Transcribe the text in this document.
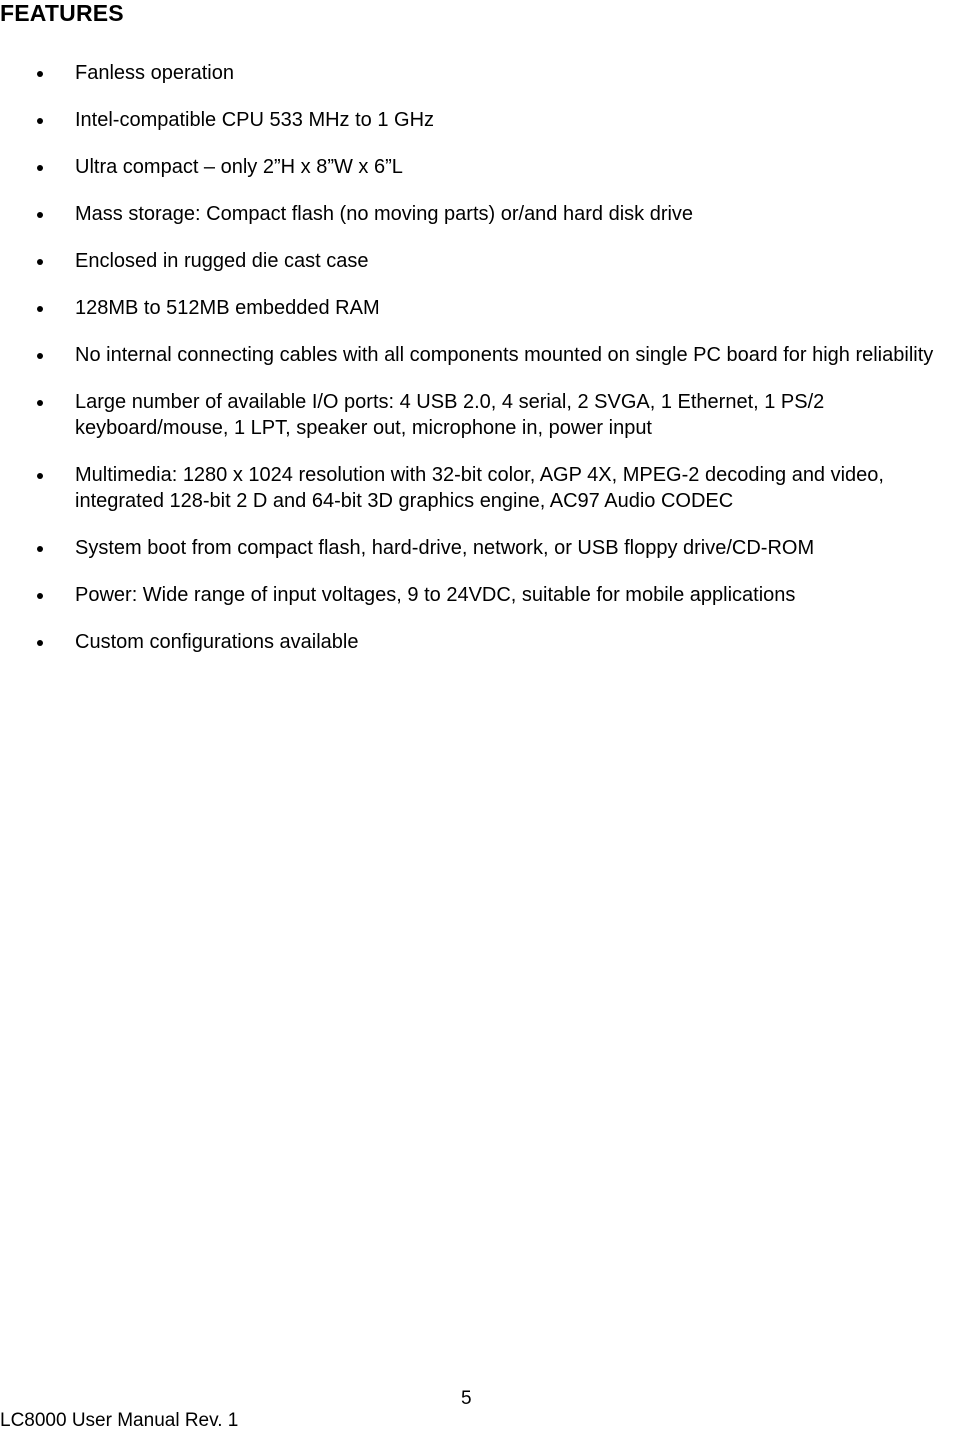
FEATURES
Fanless operation
Intel-compatible CPU 533 MHz to 1 GHz
Ultra compact – only 2”H x 8”W x 6”L
Mass storage: Compact flash (no moving parts) or/and hard disk drive
Enclosed in rugged die cast case
128MB to 512MB embedded RAM
No internal connecting cables with all components mounted on single PC board for high reliability
Large number of available I/O ports: 4 USB 2.0, 4 serial, 2 SVGA, 1 Ethernet, 1 PS/2 keyboard/mouse, 1 LPT, speaker out, microphone in, power input
Multimedia: 1280 x 1024 resolution with 32-bit color, AGP 4X, MPEG-2 decoding and video, integrated 128-bit 2 D and 64-bit 3D graphics engine, AC97 Audio CODEC
System boot from compact flash, hard-drive, network, or USB floppy drive/CD-ROM
Power: Wide range of input voltages, 9 to 24VDC, suitable for mobile applications
Custom configurations available
5
LC8000 User Manual Rev. 1
